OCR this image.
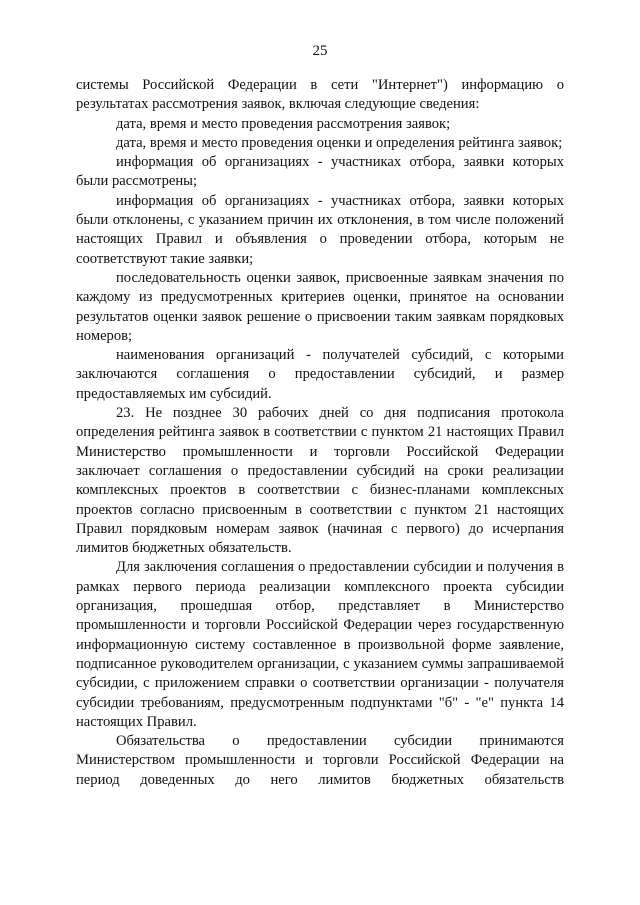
25

системы Российской Федерации в сети "Интернет") информацию о результатах рассмотрения заявок, включая следующие сведения:

дата, время и место проведения рассмотрения заявок;

дата, время и место проведения оценки и определения рейтинга заявок;

информация об организациях - участниках отбора, заявки которых были рассмотрены;

информация об организациях - участниках отбора, заявки которых были отклонены, с указанием причин их отклонения, в том числе положений настоящих Правил и объявления о проведении отбора, которым не соответствуют такие заявки;

последовательность оценки заявок, присвоенные заявкам значения по каждому из предусмотренных критериев оценки, принятое на основании результатов оценки заявок решение о присвоении таким заявкам порядковых номеров;

наименования организаций - получателей субсидий, с которыми заключаются соглашения о предоставлении субсидий, и размер предоставляемых им субсидий.

23. Не позднее 30 рабочих дней со дня подписания протокола определения рейтинга заявок в соответствии с пунктом 21 настоящих Правил Министерство промышленности и торговли Российской Федерации заключает соглашения о предоставлении субсидий на сроки реализации комплексных проектов в соответствии с бизнес-планами комплексных проектов согласно присвоенным в соответствии с пунктом 21 настоящих Правил порядковым номерам заявок (начиная с первого) до исчерпания лимитов бюджетных обязательств.

Для заключения соглашения о предоставлении субсидии и получения в рамках первого периода реализации комплексного проекта субсидии организация, прошедшая отбор, представляет в Министерство промышленности и торговли Российской Федерации через государственную информационную систему составленное в произвольной форме заявление, подписанное руководителем организации, с указанием суммы запрашиваемой субсидии, с приложением справки о соответствии организации - получателя субсидии требованиям, предусмотренным подпунктами "б" - "е" пункта 14 настоящих Правил.

Обязательства о предоставлении субсидии принимаются Министерством промышленности и торговли Российской Федерации на период доведенных до него лимитов бюджетных обязательств
